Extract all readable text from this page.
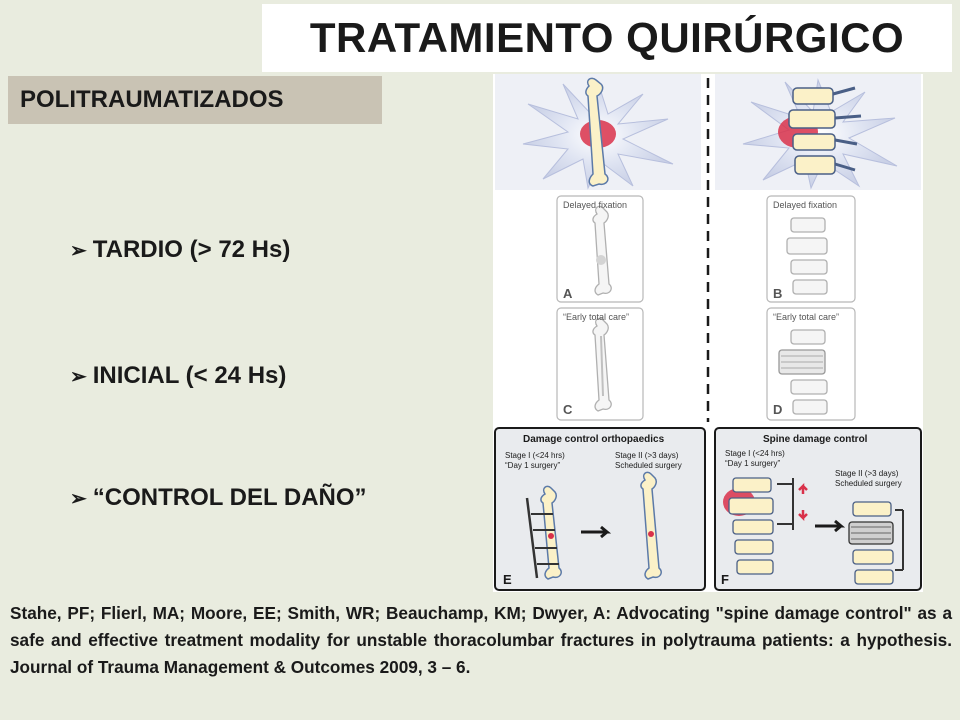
TRATAMIENTO QUIRÚRGICO
POLITRAUMATIZADOS
➢ TARDIO (> 72 Hs)
➢ INICIAL (< 24 Hs)
➢ “CONTROL DEL DAÑO”
Delayed fixation
A
Delayed fixation
B
“Early total care”
C
“Early total care”
D
Damage control orthopaedics
Stage I (<24 hrs)
“Day 1 surgery”
Stage II (>3 days)
Scheduled surgery
E
Spine damage control
Stage I (<24 hrs)
“Day 1 surgery”
Stage II (>3 days)
Scheduled surgery
F

Stahe, PF; Flierl, MA; Moore, EE; Smith, WR; Beauchamp, KM; Dwyer, A: Advocating "spine damage control" as a safe and effective treatment modality for unstable thoracolumbar fractures in polytrauma patients: a hypothesis. Journal of Trauma Management & Outcomes 2009, 3 – 6.
